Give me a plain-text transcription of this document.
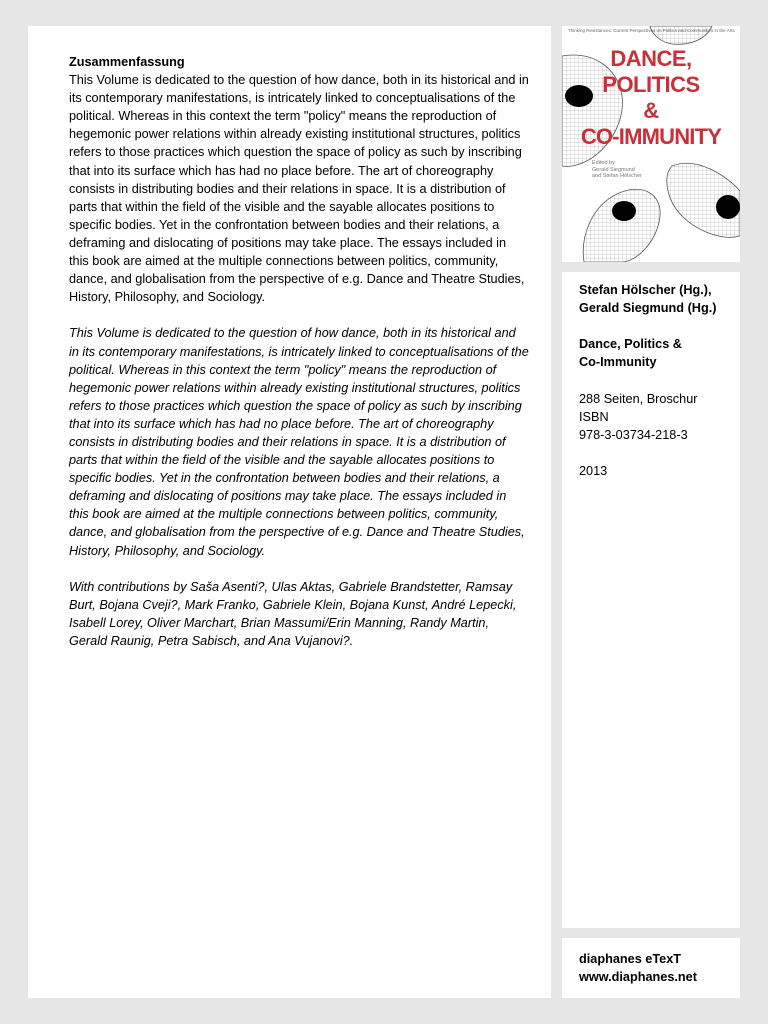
Zusammenfassung

This Volume is dedicated to the question of how dance, both in its historical and in its contemporary manifestations, is intricately linked to conceptualisations of the political. Whereas in this context the term "policy" means the reproduction of hegemonic power relations within already existing institutional structures, politics refers to those practices which question the space of policy as such by inscribing that into its surface which has had no place before. The art of choreography consists in distributing bodies and their relations in space. It is a distribution of parts that within the field of the visible and the sayable allocates positions to specific bodies. Yet in the confrontation between bodies and their relations, a deframing and dislocating of positions may take place. The essays included in this book are aimed at the multiple connections between politics, community, dance, and globalisation from the perspective of e.g. Dance and Theatre Studies, History, Philosophy, and Sociology.

This Volume is dedicated to the question of how dance, both in its historical and in its contemporary manifestations, is intricately linked to conceptualisations of the political. Whereas in this context the term "policy" means the reproduction of hegemonic power relations within already existing institutional structures, politics refers to those practices which question the space of policy as such by inscribing that into its surface which has had no place before. The art of choreography consists in distributing bodies and their relations in space. It is a distribution of parts that within the field of the visible and the sayable allocates positions to specific bodies. Yet in the confrontation between bodies and their relations, a deframing and dislocating of positions may take place. The essays included in this book are aimed at the multiple connections between politics, community, dance, and globalisation from the perspective of e.g. Dance and Theatre Studies, History, Philosophy, and Sociology.

With contributions by Saša Asenti?, Ulas Aktas, Gabriele Brandstetter, Ramsay Burt, Bojana Cveji?, Mark Franko, Gabriele Klein, Bojana Kunst, André Lepecki, Isabell Lorey, Oliver Marchart, Brian Massumi/Erin Manning, Randy Martin, Gerald Raunig, Petra Sabisch, and Ana Vujanovi?.

Thinking Resistances: Current Perspectives on Politics and Communities in the Arts
DANCE,
POLITICS
&
CO-IMMUNITY
Edited by
Gerald Siegmund
and Stefan Hölscher

Stefan Hölscher (Hg.), Gerald Siegmund (Hg.)

Dance, Politics &

Co-Immunity

288 Seiten, Broschur

ISBN

978-3-03734-218-3

2013

diaphanes eTexT

www.diaphanes.net
